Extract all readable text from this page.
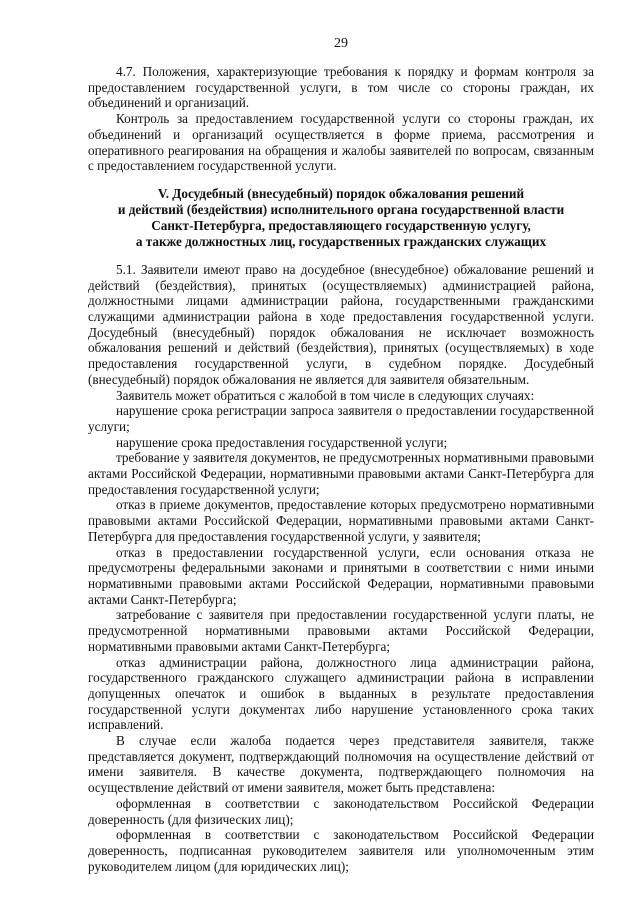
29

4.7. Положения, характеризующие требования к порядку и формам контроля за предоставлением государственной услуги, в том числе со стороны граждан, их объединений и организаций.

Контроль за предоставлением государственной услуги со стороны граждан, их объединений и организаций осуществляется в форме приема, рассмотрения и оперативного реагирования на обращения и жалобы заявителей по вопросам, связанным с предоставлением государственной услуги.

V. Досудебный (внесудебный) порядок обжалования решений
и действий (бездействия) исполнительного органа государственной власти
Санкт-Петербурга, предоставляющего государственную услугу,
а также должностных лиц, государственных гражданских служащих

5.1. Заявители имеют право на досудебное (внесудебное) обжалование решений и действий (бездействия), принятых (осуществляемых) администрацией района, должностными лицами администрации района, государственными гражданскими служащими администрации района в ходе предоставления государственной услуги. Досудебный (внесудебный) порядок обжалования не исключает возможность обжалования решений и действий (бездействия), принятых (осуществляемых) в ходе предоставления государственной услуги, в судебном порядке. Досудебный (внесудебный) порядок обжалования не является для заявителя обязательным.

Заявитель может обратиться с жалобой в том числе в следующих случаях:

нарушение срока регистрации запроса заявителя о предоставлении государственной услуги;

нарушение срока предоставления государственной услуги;

требование у заявителя документов, не предусмотренных нормативными правовыми актами Российской Федерации, нормативными правовыми актами Санкт-Петербурга для предоставления государственной услуги;

отказ в приеме документов, предоставление которых предусмотрено нормативными правовыми актами Российской Федерации, нормативными правовыми актами Санкт-Петербурга для предоставления государственной услуги, у заявителя;

отказ в предоставлении государственной услуги, если основания отказа не предусмотрены федеральными законами и принятыми в соответствии с ними иными нормативными правовыми актами Российской Федерации, нормативными правовыми актами Санкт-Петербурга;

затребование с заявителя при предоставлении государственной услуги платы, не предусмотренной нормативными правовыми актами Российской Федерации, нормативными правовыми актами Санкт-Петербурга;

отказ администрации района, должностного лица администрации района, государственного гражданского служащего администрации района в исправлении допущенных опечаток и ошибок в выданных в результате предоставления государственной услуги документах либо нарушение установленного срока таких исправлений.

В случае если жалоба подается через представителя заявителя, также представляется документ, подтверждающий полномочия на осуществление действий от имени заявителя. В качестве документа, подтверждающего полномочия на осуществление действий от имени заявителя, может быть представлена:

оформленная в соответствии с законодательством Российской Федерации доверенность (для физических лиц);

оформленная в соответствии с законодательством Российской Федерации доверенность, подписанная руководителем заявителя или уполномоченным этим руководителем лицом (для юридических лиц);
